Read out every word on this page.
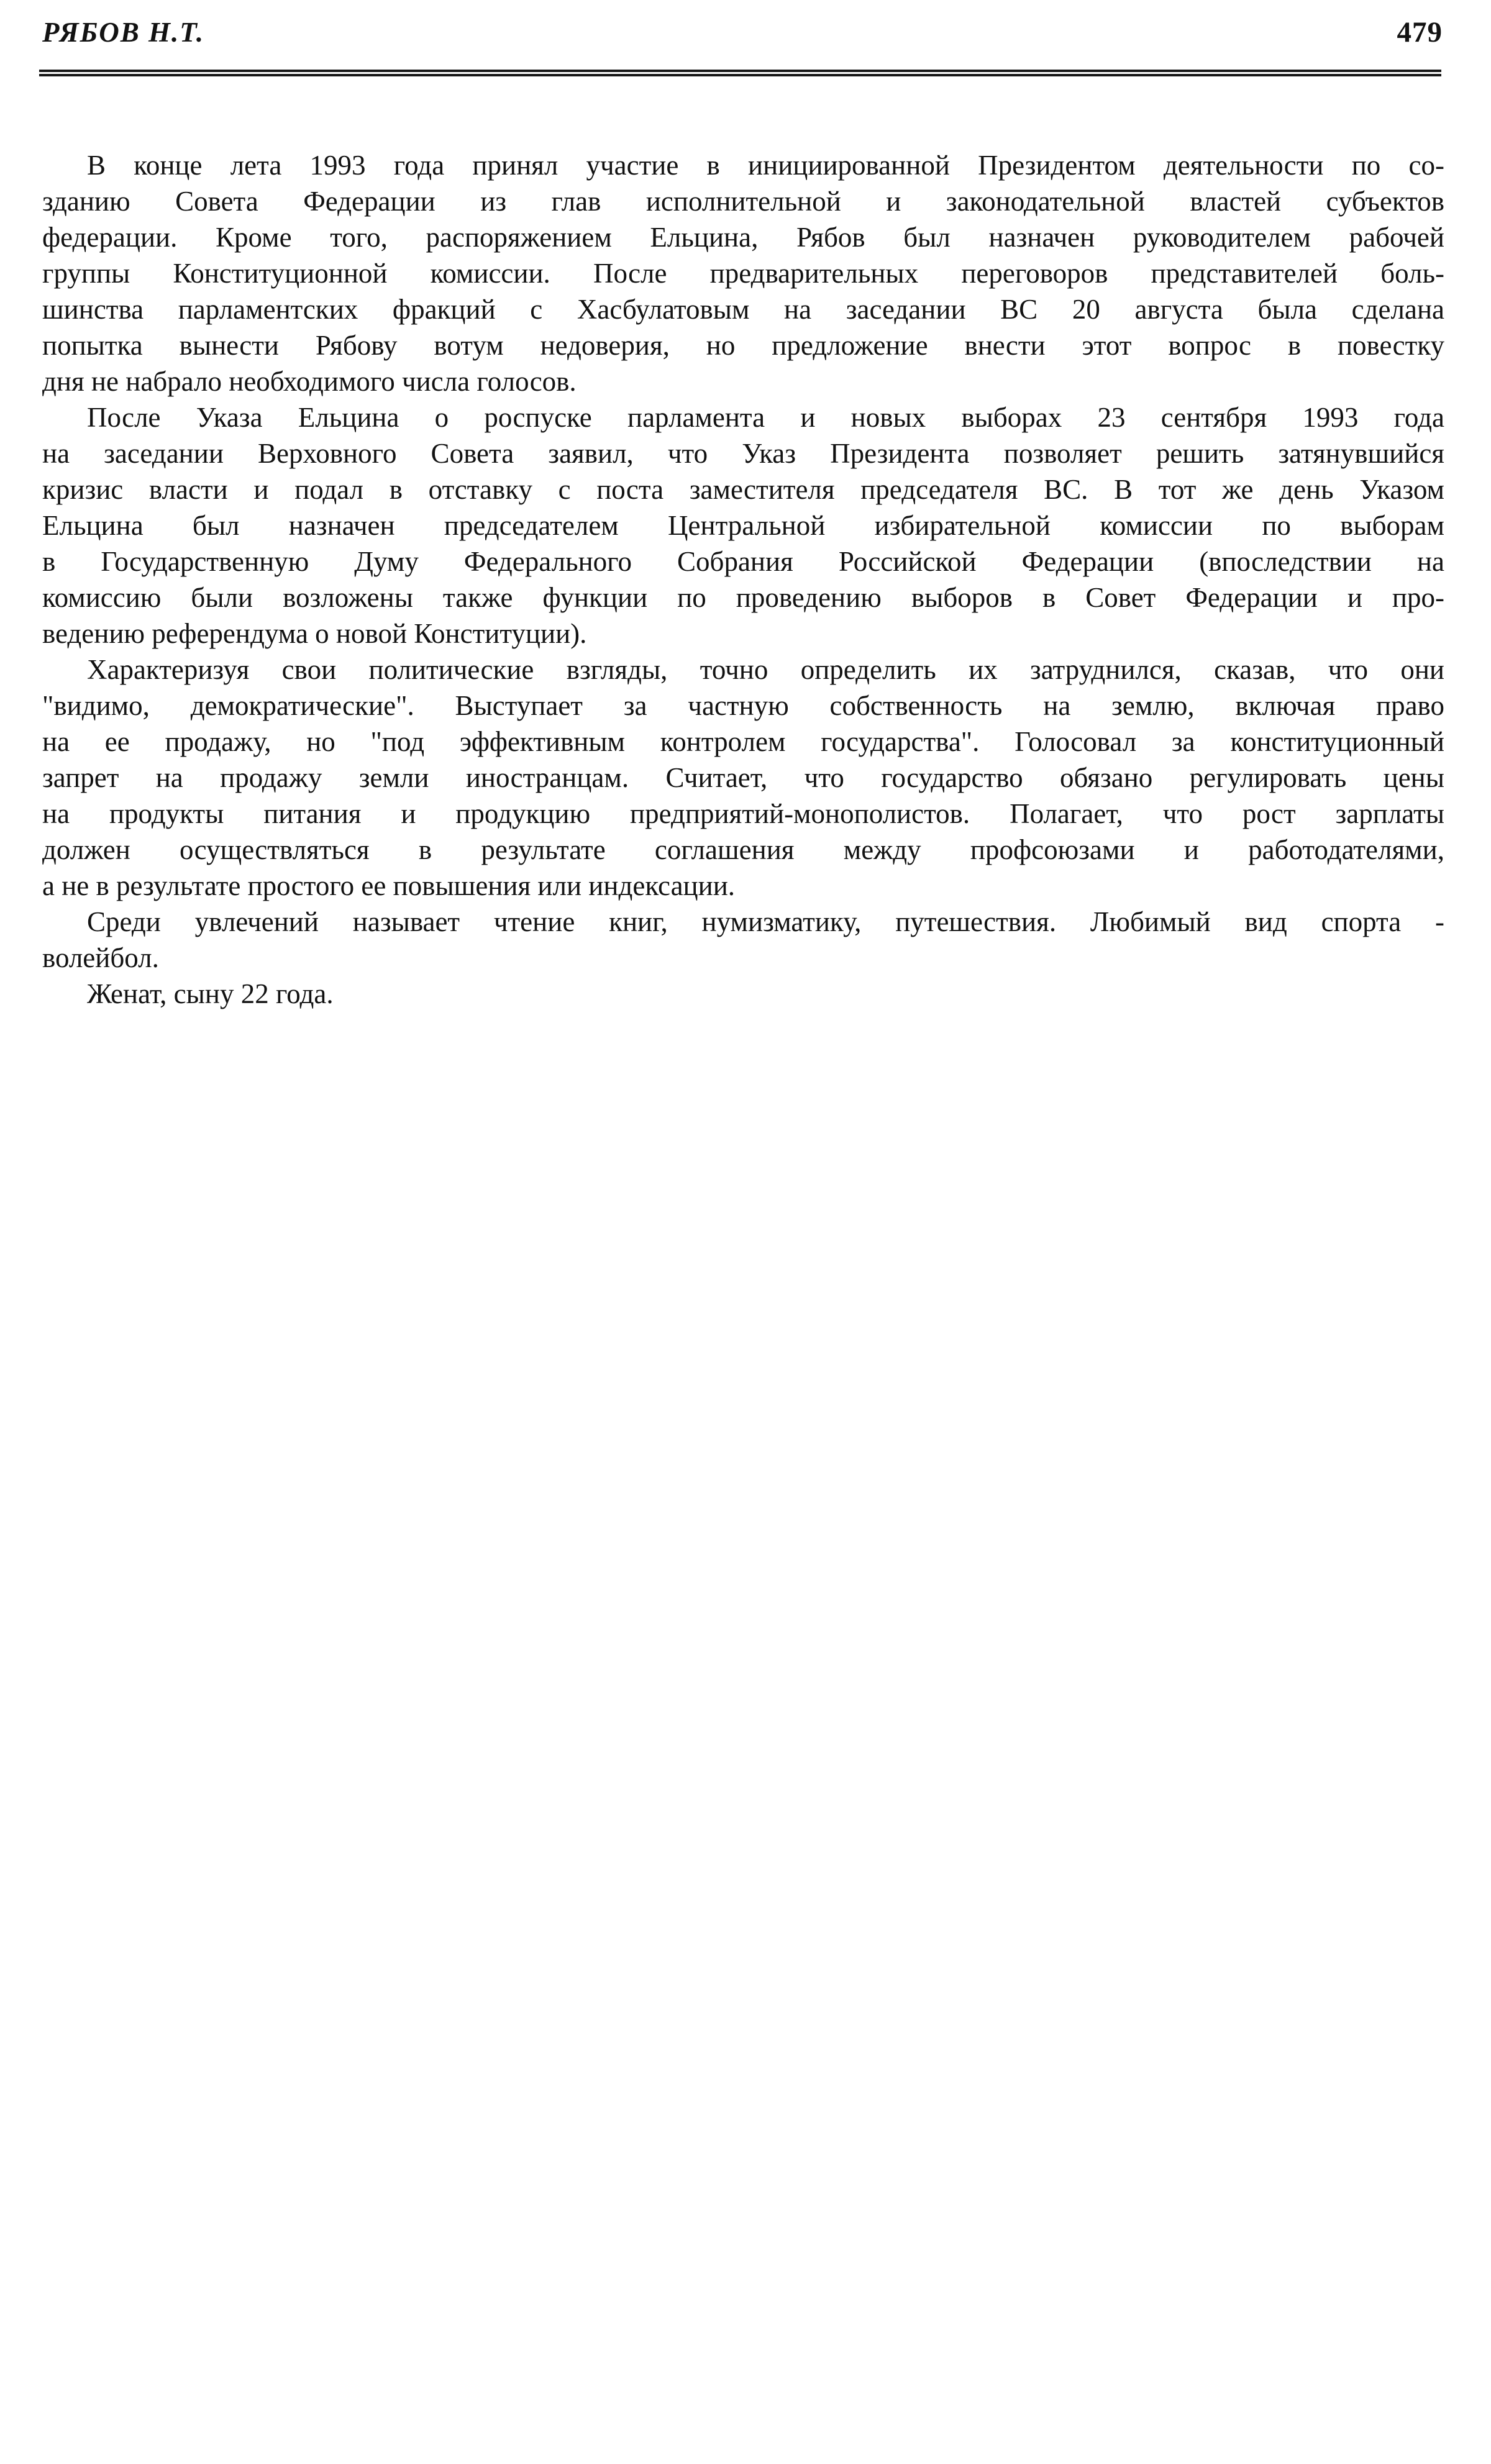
РЯБОВ Н.Т.	479
В конце лета 1993 года принял участие в инициированной Президентом деятельности по со-
зданию Совета Федерации из глав исполнительной и законодательной властей субъектов
федерации. Кроме того, распоряжением Ельцина, Рябов был назначен руководителем рабочей
группы Конституционной комиссии. После предварительных переговоров представителей боль-
шинства парламентских фракций с Хасбулатовым на заседании ВС 20 августа была сделана
попытка вынести Рябову вотум недоверия, но предложение внести этот вопрос в повестку
дня не набрало необходимого числа голосов.
После Указа Ельцина о роспуске парламента и новых выборах 23 сентября 1993 года
на заседании Верховного Совета заявил, что Указ Президента позволяет решить затянувшийся
кризис власти и подал в отставку с поста заместителя председателя ВС. В тот же день Указом
Ельцина был назначен председателем Центральной избирательной комиссии по выборам
в Государственную Думу Федерального Собрания Российской Федерации (впоследствии на
комиссию были возложены также функции по проведению выборов в Совет Федерации и про-
ведению референдума о новой Конституции).
Характеризуя свои политические взгляды, точно определить их затруднился, сказав, что они
"видимо, демократические". Выступает за частную собственность на землю, включая право
на ее продажу, но "под эффективным контролем государства". Голосовал за конституционный
запрет на продажу земли иностранцам. Считает, что государство обязано регулировать цены
на продукты питания и продукцию предприятий-монополистов. Полагает, что рост зарплаты
должен осуществляться в результате соглашения между профсоюзами и работодателями,
а не в результате простого ее повышения или индексации.
Среди увлечений называет чтение книг, нумизматику, путешествия. Любимый вид спорта -
волейбол.
Женат, сыну 22 года.
